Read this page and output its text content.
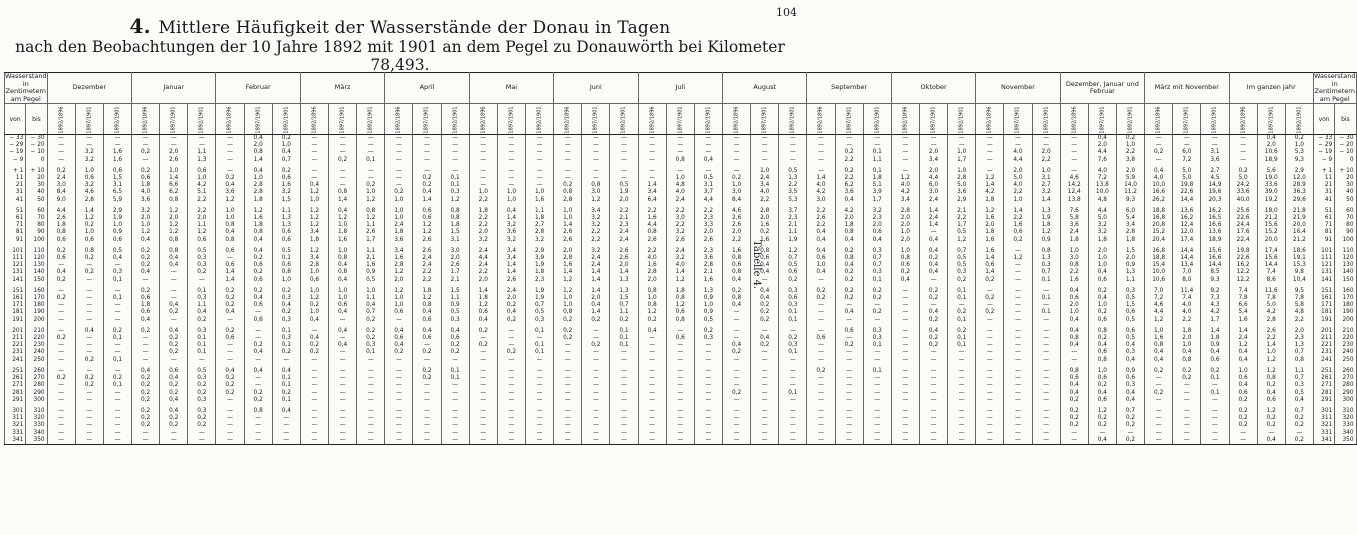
104
4. Mittlere Häufigkeit der Wasserstände der Donau in Tagen
nach den Beobachtungen der 10 Jahre 1892 mit 1901 an dem Pegel zu Donauwörth bei Kilometer 78,493.
Tabelle 4.
Wasserstand in Zentimetern am Pegel		Dezember			Januar			Februar			März			April			Mai			Juni			Juli			August			September			Oktober			November			Dezember, Januar und Februar			März mit November			Im ganzen Jahr			Wasserstand in Zentimetern am Pegel	
von	bis	1892/1896	1897/1901	1892/1901	1892/1896	1897/1901	1892/1901	1892/1896	1897/1901	1892/1901	1892/1896	1897/1901	1892/1901	1892/1896	1897/1901	1892/1901	1892/1896	1897/1901	1892/1901	1892/1896	1897/1901	1892/1901	1892/1896	1897/1901	1892/1901	1892/1896	1897/1901	1892/1901	1892/1896	1897/1901	1892/1901	1892/1896	1897/1901	1892/1901	1892/1896	1897/1901	1892/1901	1892/1896	1897/1901	1892/1901	1892/1896	1897/1901	1892/1901	1892/1896	1897/1901	1892/1901	von	bis
− 33	− 30	—	—	—	—	—	—	—	0,4	0,2	—	—	—	—	—	—	—	—	—	—	—	—	—	—	—	—	—	—	—	—	—	—	—	—	—	—	—	—	0,4	0,2	—	—	—	—	0,4	0,2	− 33	− 30
− 29	− 20	—	—	—	—	—	—	—	2,0	1,0	—	—	—	—	—	—	—	—	—	—	—	—	—	—	—	—	—	—	—	—	—	—	—	—	—	—	—	—	2,0	1,0	—	—	—	—	2,0	1,0	− 29	− 20
− 19	− 10	—	3,2	1,6	0,2	2,0	1,1	—	0,8	0,4	—	—	—	—	—	—	—	—	—	—	—	—	—	—	—	—	—	—	—	0,2	0,1	—	2,0	1,0	—	4,0	2,0	—	4,4	2,2	0,2	6,0	3,1	—	10,6	5,3	− 19	− 10
− 9	0	—	3,2	1,6	—	2,6	1,3	—	1,4	0,7	—	0,2	0,1	—	—	—	—	—	—	—	—	—	—	0,8	0,4	—	—	—	—	2,2	1,1	—	3,4	1,7	—	4,4	2,2	—	7,6	3,8	—	7,2	3,6	—	18,9	9,3	− 9	0

+ 1	+ 10	0,2	1,0	0,6	0,2	1,0	0,6	—	0,4	0,2	—	—	—	—	—	—	—	—	—	—	—	—	—	—	—	—	1,0	0,5	—	0,2	0,1	—	2,0	1,0	—	2,0	1,0	—	4,0	2,0	0,4	5,0	2,7	0,2	5,6	2,9	+ 1	+ 10
11	20	2,4	0,6	1,5	0,6	1,4	1,0	0,2	1,0	0,6	—	—	—	—	0,2	0,1	—	—	—	—	—	—	—	1,0	0,5	0,2	2,4	1,3	1,4	2,2	1,8	1,2	4,4	2,8	1,2	5,0	3,1	4,6	7,2	5,9	4,0	5,0	4,5	5,0	19,0	12,0	11	20
21	30	3,0	3,2	3,1	1,8	6,6	4,2	0,4	2,8	1,6	0,4	—	0,2	—	0,2	0,1	—	—	—	0,2	0,8	0,5	1,4	4,8	3,1	1,0	3,4	2,2	4,0	6,2	5,1	4,0	6,0	5,0	1,4	4,0	2,7	14,2	13,8	14,0	10,0	19,8	14,9	24,2	33,6	28,9	21	30
31	40	8,4	4,6	6,5	4,0	6,2	5,1	3,6	2,8	3,2	1,2	0,8	1,0	0,2	0,4	0,3	1,0	1,0	1,0	0,8	3,0	1,9	3,4	4,0	3,7	3,0	4,0	3,5	4,2	3,6	3,9	4,2	3,0	3,6	4,2	2,2	3,2	12,4	10,0	11,2	16,6	22,6	19,6	33,6	39,0	36,3	31	40
41	50	9,0	2,8	5,9	3,6	0,8	2,2	1,2	1,8	1,5	1,0	1,4	1,2	1,0	1,4	1,2	2,2	1,0	1,6	2,8	1,2	2,0	6,4	2,4	4,4	8,4	2,2	5,3	3,0	0,4	1,7	3,4	2,4	2,9	1,8	1,0	1,4	13,8	4,8	9,3	26,2	14,4	20,3	40,0	19,2	29,6	41	50

51	60	4,4	1,4	2,9	3,2	1,2	2,2	1,0	1,2	1,1	1,2	0,4	0,8	1,0	0,6	0,8	1,8	0,4	1,1	1,0	3,4	2,2	2,2	2,2	2,2	4,6	2,8	3,7	2,2	4,2	3,2	2,8	1,4	2,1	1,2	1,4	1,3	7,6	4,4	6,0	18,8	13,6	16,2	25,6	18,0	21,8	51	60
61	70	2,6	1,2	1,9	2,0	2,0	2,0	1,0	1,6	1,3	1,2	1,2	1,2	1,0	0,6	0,8	2,2	1,4	1,8	1,0	3,2	2,1	1,6	3,0	2,3	2,6	2,0	2,3	2,6	2,0	2,3	2,0	2,4	2,2	1,6	2,2	1,9	5,8	5,0	5,4	16,8	16,2	16,5	22,6	21,2	21,9	61	70
71	80	1,8	0,2	1,0	1,0	1,2	1,1	0,8	1,8	1,3	1,2	1,0	1,1	2,4	1,2	1,8	2,2	3,2	2,7	1,4	3,2	2,3	4,4	2,2	3,3	2,6	1,6	2,1	2,2	1,8	2,0	2,0	1,4	1,7	2,0	1,6	1,8	3,6	3,2	3,4	20,8	12,4	16,6	24,4	15,6	20,0	71	80
81	90	0,8	1,0	0,9	1,2	1,2	1,2	0,4	0,8	0,6	3,4	1,8	2,6	1,8	1,2	1,5	2,0	3,6	2,8	2,6	2,2	2,4	0,8	3,2	2,0	2,0	0,2	1,1	0,4	0,8	0,6	1,0	—	0,5	1,8	0,6	1,2	2,4	3,2	2,8	15,2	12,0	13,6	17,6	15,2	16,4	81	90
91	100	0,6	0,6	0,6	0,4	0,8	0,6	0,8	0,4	0,6	1,8	1,6	1,7	3,6	2,6	3,1	3,2	3,2	3,2	2,6	2,2	2,4	2,6	2,6	2,6	2,2	1,6	1,9	0,4	0,4	0,4	2,0	0,4	1,2	1,6	0,2	0,9	1,8	1,8	1,8	20,4	17,4	18,9	22,4	20,0	21,2	91	100

101	110	0,2	0,8	0,5	0,2	0,8	0,5	0,6	0,4	0,5	1,2	1,0	1,1	3,4	2,6	3,0	2,4	3,4	2,9	2,0	3,2	2,6	2,2	2,4	2,3	1,6	0,8	1,2	0,4	0,2	0,3	1,0	0,4	0,7	1,6	—	0,8	1,0	2,0	1,5	16,8	14,4	15,6	19,8	17,4	18,6	101	110
111	120	0,6	0,2	0,4	0,2	0,4	0,3	—	0,2	0,1	3,4	0,8	2,1	1,6	2,4	2,0	4,4	3,4	3,9	2,8	2,4	2,6	4,0	3,2	3,6	0,8	0,6	0,7	0,6	0,8	0,7	0,8	0,2	0,5	1,4	1,2	1,3	3,0	1,0	2,0	18,8	14,4	16,6	22,6	15,6	19,1	111	120
121	130	—	—	—	0,2	0,4	0,3	0,6	0,6	0,6	2,8	0,4	1,6	2,8	2,4	2,6	2,4	1,4	1,9	1,6	2,4	2,0	1,6	4,0	2,8	0,6	0,4	0,5	1,0	0,4	0,7	0,6	0,4	0,5	0,6	—	0,3	0,8	1,0	0,9	15,4	13,4	14,4	16,2	14,4	15,3	121	130
131	140	0,4	0,2	0,3	0,4	—	0,2	1,4	0,2	0,8	1,0	0,8	0,9	1,2	2,2	1,7	2,2	1,4	1,8	1,4	1,4	1,4	2,8	1,4	2,1	0,8	0,4	0,6	0,4	0,2	0,3	0,2	0,4	0,3	1,4	—	0,7	2,2	0,4	1,3	10,0	7,0	8,5	12,2	7,4	9,8	131	140
141	150	0,2	—	0,1	—	—	—	1,4	0,6	1,0	0,6	0,4	0,5	2,0	2,2	2,1	2,0	2,6	2,3	1,2	1,4	1,3	2,0	1,2	1,6	0,4	—	0,2	—	0,2	0,1	0,4	—	0,2	0,2	—	0,1	1,6	0,6	1,1	10,6	8,0	9,3	12,2	8,6	10,4	141	150

151	160	—	—	—	0,2	—	0,1	0,2	0,2	0,2	1,0	1,0	1,0	1,2	1,8	1,5	1,4	2,4	1,9	1,2	1,4	1,3	0,8	1,8	1,3	0,2	0,4	0,3	0,2	0,2	0,2	—	0,2	0,1	—	—	—	0,4	0,2	0,3	7,0	11,4	9,2	7,4	11,6	9,5	151	160
161	170	0,2	—	0,1	0,6	—	0,3	0,2	0,4	0,3	1,2	1,0	1,1	1,0	1,2	1,1	1,8	2,0	1,9	1,0	2,0	1,5	1,0	0,8	0,9	0,8	0,4	0,6	0,2	0,2	0,2	—	0,2	0,1	0,2	—	0,1	0,6	0,4	0,5	7,2	7,4	7,3	7,8	7,8	7,8	161	170
171	180	—	—	—	1,8	0,4	1,1	0,2	0,6	0,4	0,2	0,6	0,4	1,0	0,8	0,9	1,2	0,2	0,7	1,0	0,4	0,7	0,8	1,2	1,0	0,4	0,2	0,3	—	—	—	—	—	—	—	—	—	2,0	1,0	1,5	4,6	4,0	4,3	6,6	5,0	5,8	171	180
181	190	—	—	—	0,6	0,2	0,4	0,4	—	0,2	1,0	0,4	0,7	0,6	0,4	0,5	0,6	0,4	0,5	0,8	1,4	1,1	1,2	0,6	0,9	—	0,2	0,1	—	0,4	0,2	—	0,4	0,2	0,2	—	0,1	1,0	0,2	0,6	4,4	4,0	4,2	5,4	4,2	4,8	181	190
191	200	—	—	—	0,4	—	0,2	—	0,6	0,3	0,4	—	0,2	—	0,6	0,3	0,4	0,2	0,3	0,2	0,2	0,2	0,2	0,8	0,5	—	0,2	0,1	—	—	—	—	0,2	0,1	—	—	—	0,4	0,6	0,5	1,2	2,2	1,7	1,6	2,8	2,2	191	200

201	210	—	0,4	0,2	0,2	0,4	0,3	0,2	—	0,1	—	0,4	0,2	0,4	0,4	0,4	0,2	—	0,1	0,2	—	0,1	0,4	—	0,2	—	—	—	—	0,6	0,3	—	0,4	0,2	—	—	—	0,4	0,8	0,6	1,0	1,8	1,4	1,4	2,6	2,0	201	210
211	220	0,2	—	0,1	—	0,2	0,1	0,6	—	0,3	0,4	—	0,2	0,6	0,6	0,6	—	—	—	0,2	—	0,1	—	0,6	0,3	—	0,4	0,2	0,6	—	0,3	—	0,2	0,1	—	—	—	0,8	0,2	0,5	1,6	2,0	1,8	2,4	2,2	2,3	211	220
221	230	—	—	—	—	0,2	0,1	—	0,2	0,1	0,2	0,4	0,3	0,4	—	0,2	0,2	—	0,1	—	0,2	0,1	—	—	—	0,4	0,2	0,3	—	0,2	0,1	—	0,2	0,1	—	—	—	0,4	0,4	0,4	0,8	1,0	0,9	1,2	1,4	1,3	221	230
231	240	—	—	—	—	0,2	0,1	—	0,4	0,2	0,2	—	0,1	0,2	0,2	0,2	—	0,2	0,1	—	—	—	—	—	—	0,2	—	0,1	—	—	—	—	—	—	—	—	—	—	0,6	0,3	0,4	0,4	0,4	0,4	1,0	0,7	231	240
241	250	—	0,2	0,1	—	—	—	—	—	—	—	—	—	—	—	—	—	—	—	—	—	—	—	—	—	—	—	—	—	—	—	—	—	—	—	—	—	—	0,8	0,4	0,4	0,8	0,6	0,4	1,2	0,8	241	250

251	260	—	—	—	0,4	0,6	0,5	0,4	0,4	0,4	—	—	—	—	0,2	0,1	—	—	—	—	—	—	—	—	—	—	—	—	0,2	—	0,1	—	—	—	—	—	—	0,8	1,0	0,9	0,2	0,2	0,2	1,0	1,2	1,1	251	260
261	270	0,2	0,2	0,2	0,2	0,4	0,3	0,2	—	0,1	—	—	—	—	0,2	0,1	—	—	—	—	—	—	—	—	—	—	—	—	—	—	—	—	—	—	—	—	—	0,6	0,6	0,6	—	0,2	0,1	0,6	0,8	0,7	261	270
271	280	—	0,2	0,1	0,2	0,2	0,2	0,2	—	0,1	—	—	—	—	—	—	—	—	—	—	—	—	—	—	—	—	—	—	—	—	—	—	—	—	—	—	—	0,4	0,2	0,3	—	—	—	0,4	0,2	0,3	271	280
281	290	—	—	—	0,2	0,2	0,2	0,2	0,2	0,2	—	—	—	—	—	—	—	—	—	—	—	—	—	—	—	0,2	—	0,1	—	—	—	—	—	—	—	—	—	0,4	0,4	0,4	0,2	—	0,1	0,6	0,4	0,5	281	290
291	300	—	—	—	0,2	0,4	0,3	—	0,2	0,1	—	—	—	—	—	—	—	—	—	—	—	—	—	—	—	—	—	—	—	—	—	—	—	—	—	—	—	0,2	0,6	0,4	—	—	—	0,2	0,6	0,4	291	300

301	310	—	—	—	0,2	0,4	0,3	—	0,8	0,4	—	—	—	—	—	—	—	—	—	—	—	—	—	—	—	—	—	—	—	—	—	—	—	—	—	—	—	0,2	1,2	0,7	—	—	—	0,2	1,2	0,7	301	310
311	320	—	—	—	0,2	0,2	0,2	—	—	—	—	—	—	—	—	—	—	—	—	—	—	—	—	—	—	—	—	—	—	—	—	—	—	—	—	—	—	0,2	0,2	0,2	—	—	—	0,2	0,2	0,2	311	320
321	330	—	—	—	0,2	0,2	0,2	—	—	—	—	—	—	—	—	—	—	—	—	—	—	—	—	—	—	—	—	—	—	—	—	—	—	—	—	—	—	0,2	0,2	0,2	—	—	—	0,2	0,2	0,2	321	330
331	340	—	—	—	—	—	—	—	—	—	—	—	—	—	—	—	—	—	—	—	—	—	—	—	—	—	—	—	—	—	—	—	—	—	—	—	—	—	—	—	—	—	—	—	—	—	331	340
341	350	—	—	—	—	—	—	—	—	—	—	—	—	—	—	—	—	—	—	—	—	—	—	—	—	—	—	—	—	—	—	—	—	—	—	—	—	—	0,4	0,2	—	—	—	—	0,4	0,2	341	350
